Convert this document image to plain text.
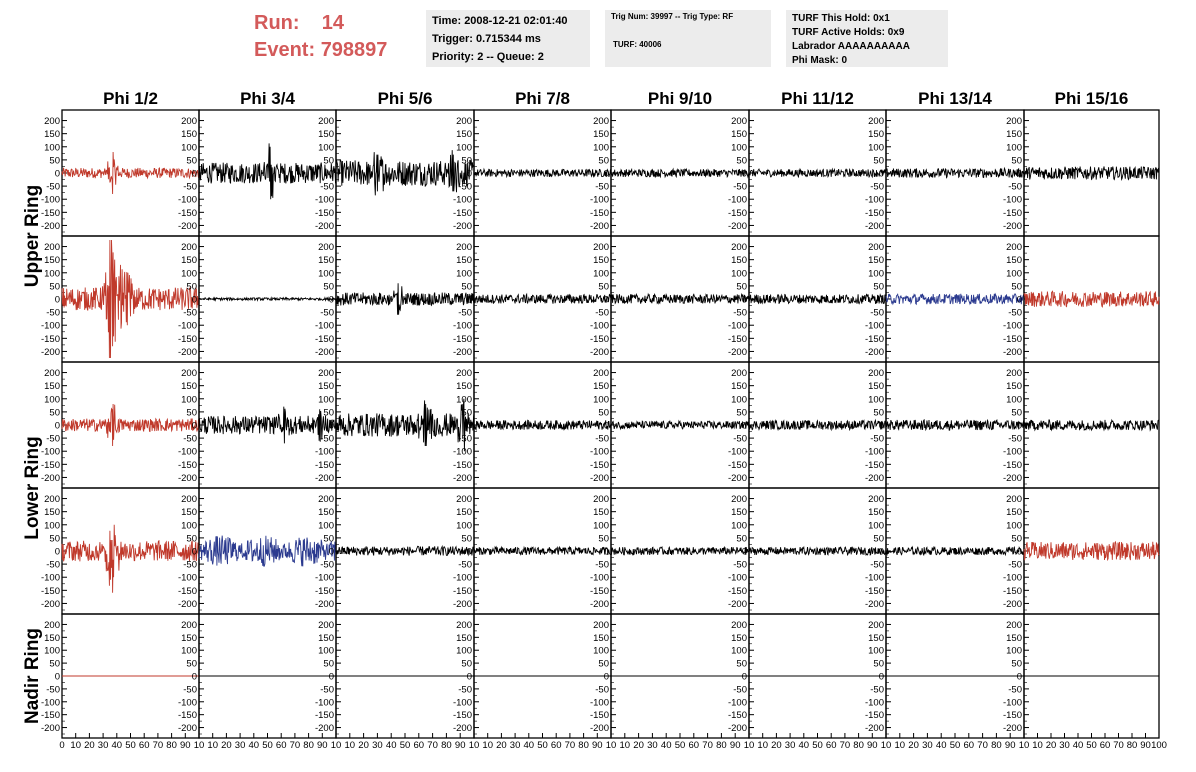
Run: 14
Event: 798897
Time: 2008-12-21 02:01:40
Trigger: 0.715344 ms
Priority: 2 -- Queue: 2
Trig Num: 39997 -- Trig Type: RF
TURF: 40006
TURF This Hold: 0x1
TURF Active Holds: 0x9
Labrador AAAAAAAAAA
Phi Mask: 0
Phi 1/2	Phi 3/4	Phi 5/6	Phi 7/8	Phi 9/10	Phi 11/12	Phi 13/14	Phi 15/16
Upper Ring
Lower Ring
Nadir Ring
200
150
100
50
0
-50
-100
-150
-200
200
150
100
50
0
-50
-100
-150
-200
200
150
100
50
0
-50
-100
-150
-200
200
150
100
50
0
-50
-100
-150
-200
200
150
100
50
0
-50
-100
-150
-200
200
150
100
50
0
-50
-100
-150
-200
200
150
100
50
0
-50
-100
-150
-200
200
150
100
50
0
-50
-100
-150
-200
200
150
100
50
0
-50
-100
-150
-200
200
150
100
50
0
-50
-100
-150
-200
200
150
100
50
0
-50
-100
-150
-200
200
150
100
50
0
-50
-100
-150
-200
200
150
100
50
0
-50
-100
-150
-200
200
150
100
50
0
-50
-100
-150
-200
200
150
100
50
0
-50
-100
-150
-200
200
150
100
50
0
-50
-100
-150
-200
200
150
100
50
0
-50
-100
-150
-200
200
150
100
50
0
-50
-100
-150
-200
200
150
100
50
0
-50
-100
-150
-200
200
150
100
50
0
-50
-100
-150
-200
200
150
100
50
0
-50
-100
-150
-200
200
150
100
50
0
-50
-100
-150
-200
200
150
100
50
0
-50
-100
-150
-200
200
150
100
50
0
-50
-100
-150
-200
200
150
100
50
0
-50
-100
-150
-200
200
150
100
50
0
-50
-100
-150
-200
200
150
100
50
0
-50
-100
-150
-200
200
150
100
50
0
-50
-100
-150
-200
200
150
100
50
0
-50
-100
-150
-200
200
150
100
50
0
-50
-100
-150
-200
200
150
100
50
0
-50
-100
-150
-200
200
150
100
50
0
-50
-100
-150
-200
200
150
100
50
0
-50
-100
-150
-200
200
150
100
50
0
-50
-100
-150
-200
200
150
100
50
0
-50
-100
-150
-200
200
150
100
50
0
-50
-100
-150
-200
200
150
100
50
0
-50
-100
-150
-200
200
150
100
50
0
-50
-100
-150
-200
200
150
100
50
0
-50
-100
-150
-200
200
150
100
50
0
-50
-100
-150
-200
0 10 20 30 40 50 60 70 80 90 10 10 20 30 40 50 60 70 80 90 10 10 20 30 40 50 60 70 80 90 10 10 20 30 40 50 60 70 80 90 10 10 20 30 40 50 60 70 80 90 10 10 20 30 40 50 60 70 80 90 10 10 20 30 40 50 60 70 80 90 10 10 20 30 40 50 60 70 80 90 100
